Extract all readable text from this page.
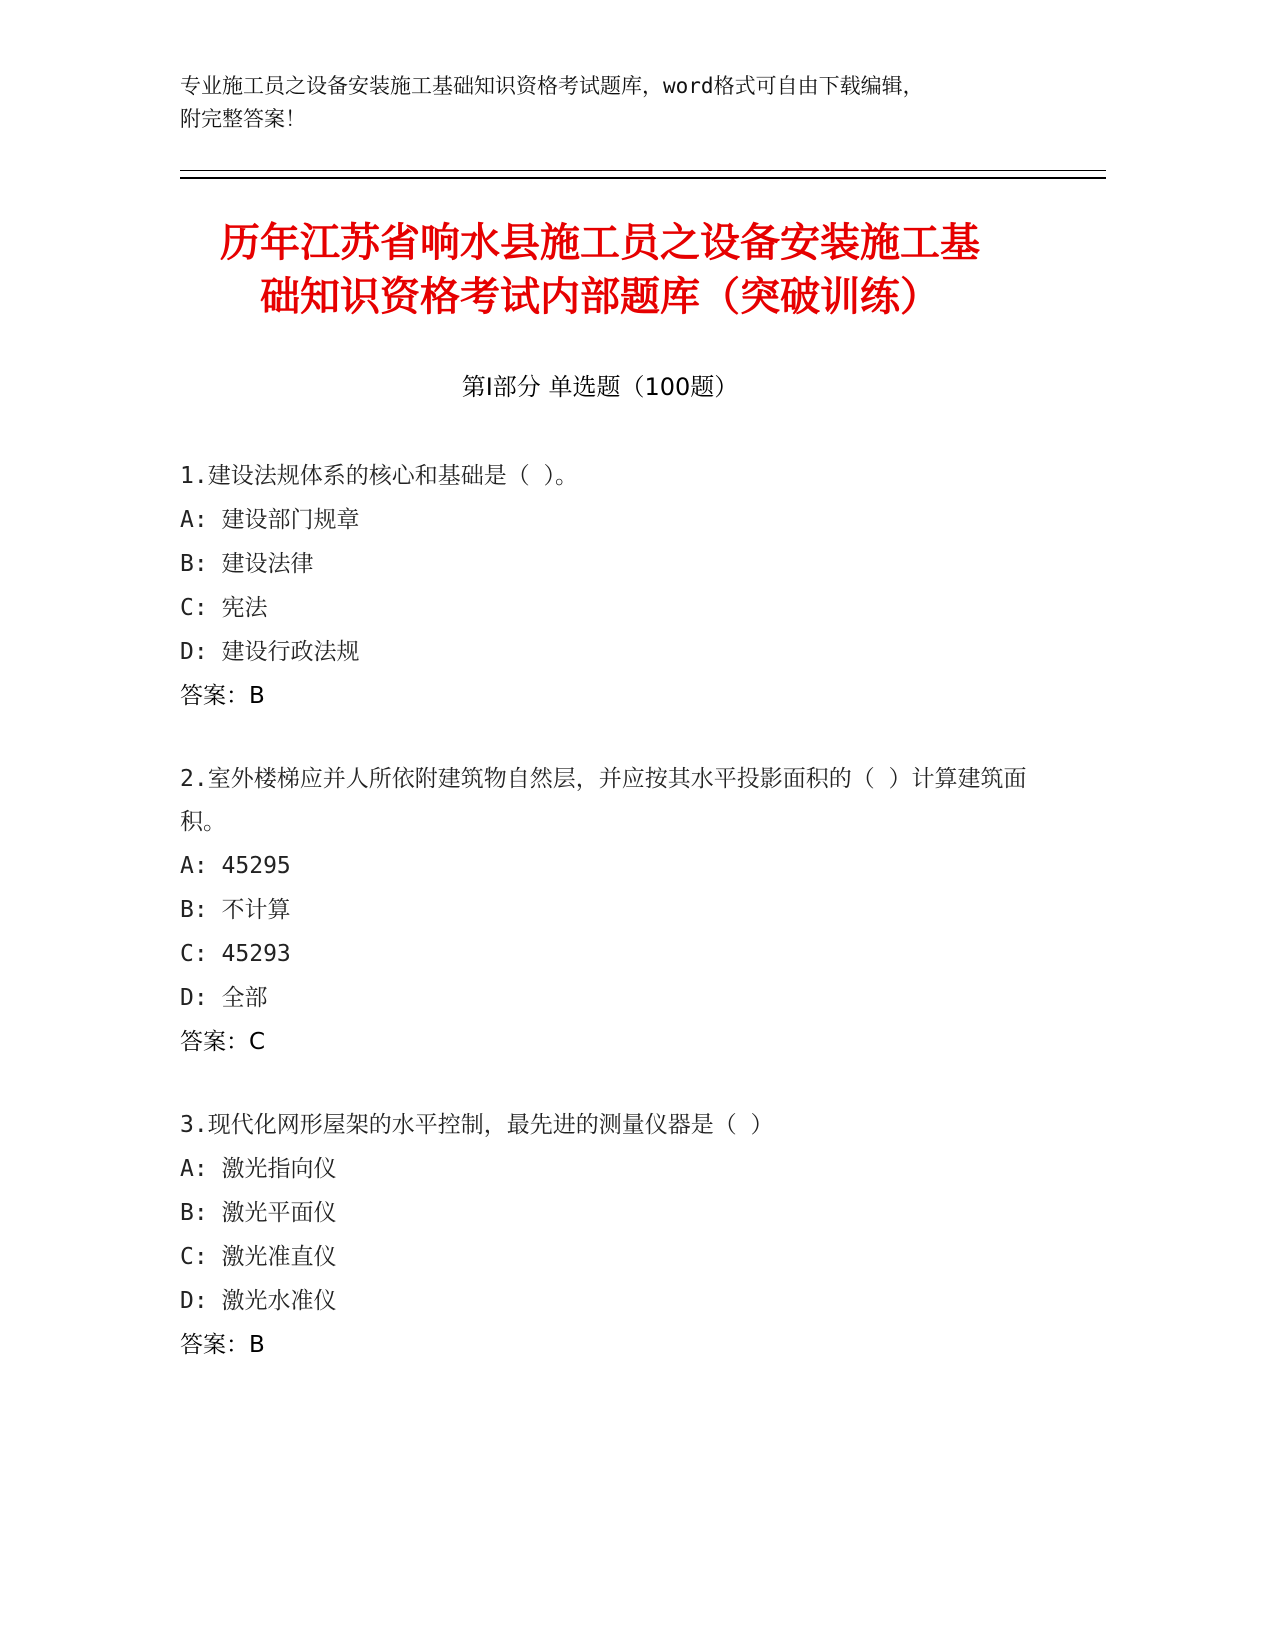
专业施工员之设备安装施工基础知识资格考试题库，word格式可自由下载编辑，
附完整答案！
历年江苏省响水县施工员之设备安装施工基
础知识资格考试内部题库（突破训练）
第Ⅰ部分 单选题（100题）
1.建设法规体系的核心和基础是（ ）。
A: 建设部门规章
B: 建设法律
C: 宪法
D: 建设行政法规
答案：B
2.室外楼梯应并人所依附建筑物自然层，并应按其水平投影面积的（ ）计算建筑面积。
A: 45295
B: 不计算
C: 45293
D: 全部
答案：C
3.现代化网形屋架的水平控制，最先进的测量仪器是（ ）
A: 激光指向仪
B: 激光平面仪
C: 激光准直仪
D: 激光水准仪
答案：B
